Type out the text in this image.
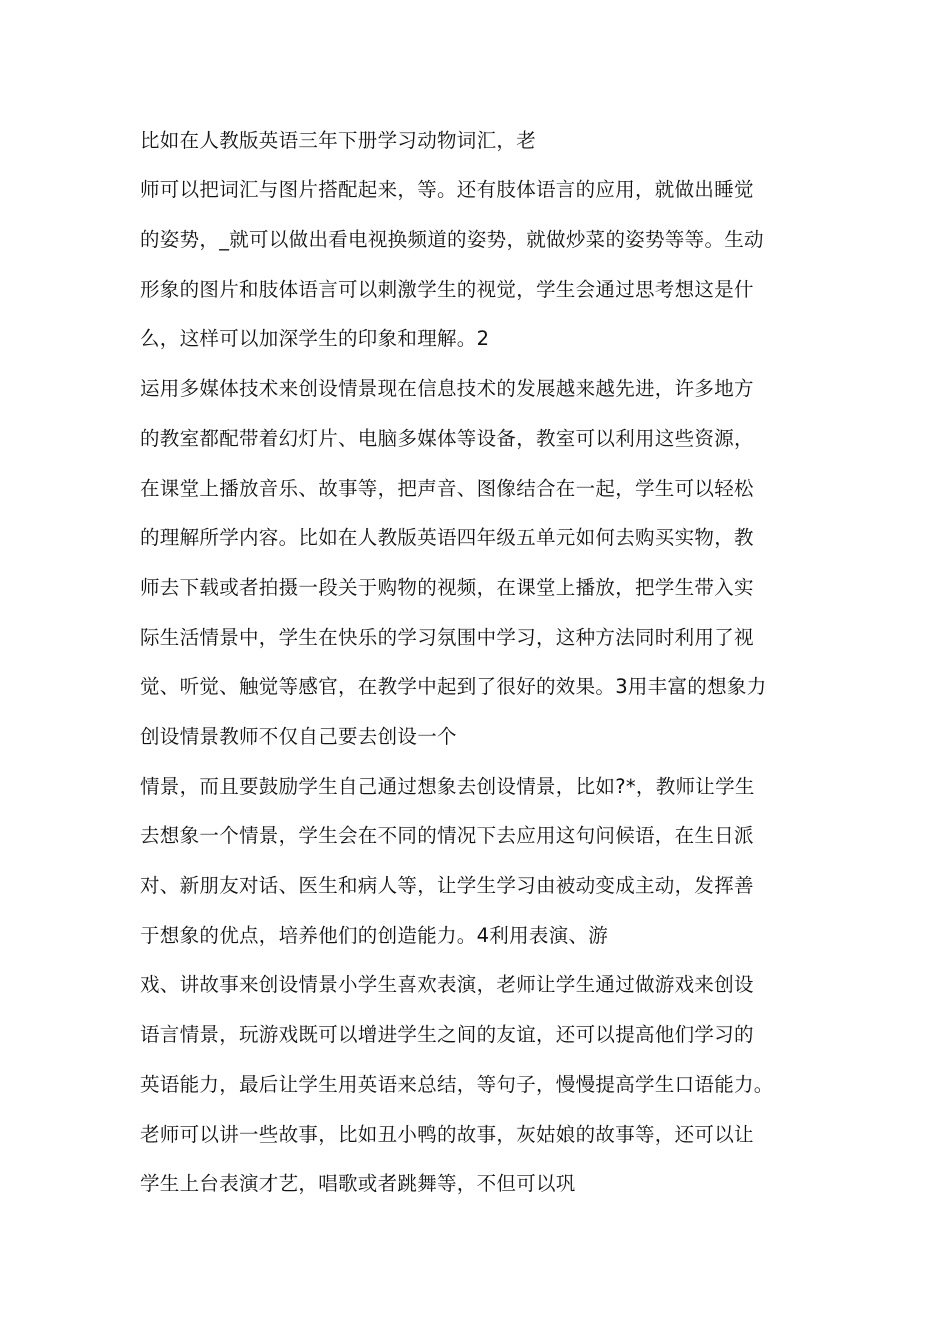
比如在人教版英语三年下册学习动物词汇，老
师可以把词汇与图片搭配起来，等。还有肢体语言的应用，就做出睡觉
的姿势，_就可以做出看电视换频道的姿势，就做炒菜的姿势等等。生动
形象的图片和肢体语言可以刺激学生的视觉，学生会通过思考想这是什
么，这样可以加深学生的印象和理解。2
运用多媒体技术来创设情景现在信息技术的发展越来越先进，许多地方
的教室都配带着幻灯片、电脑多媒体等设备，教室可以利用这些资源，
在课堂上播放音乐、故事等，把声音、图像结合在一起，学生可以轻松
的理解所学内容。比如在人教版英语四年级五单元如何去购买实物，教
师去下载或者拍摄一段关于购物的视频，在课堂上播放，把学生带入实
际生活情景中，学生在快乐的学习氛围中学习，这种方法同时利用了视
觉、听觉、触觉等感官，在教学中起到了很好的效果。3用丰富的想象力
创设情景教师不仅自己要去创设一个
情景，而且要鼓励学生自己通过想象去创设情景，比如?*，教师让学生
去想象一个情景，学生会在不同的情况下去应用这句问候语，在生日派
对、新朋友对话、医生和病人等，让学生学习由被动变成主动，发挥善
于想象的优点，培养他们的创造能力。4利用表演、游
戏、讲故事来创设情景小学生喜欢表演，老师让学生通过做游戏来创设
语言情景，玩游戏既可以增进学生之间的友谊，还可以提高他们学习的
英语能力，最后让学生用英语来总结，等句子，慢慢提高学生口语能力。
老师可以讲一些故事，比如丑小鸭的故事，灰姑娘的故事等，还可以让
学生上台表演才艺，唱歌或者跳舞等，不但可以巩
